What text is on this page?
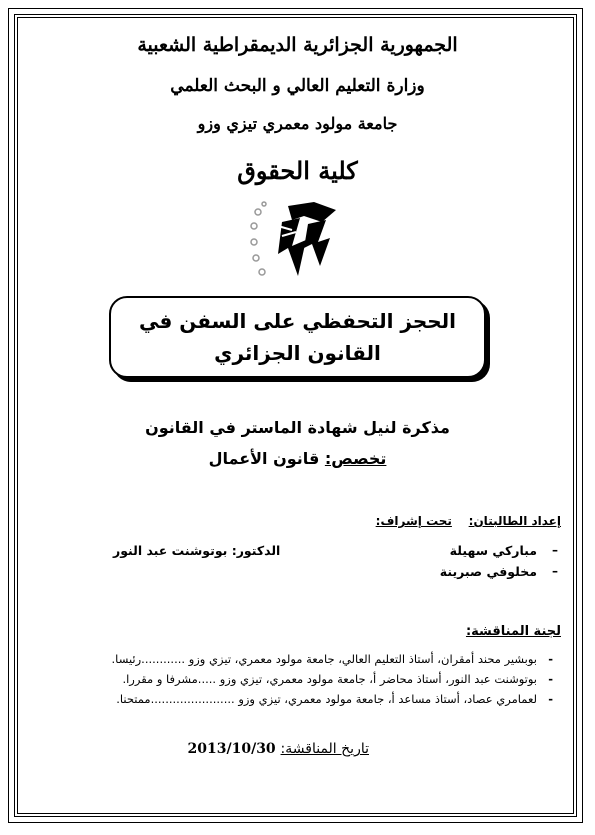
الجمهورية الجزائرية الديمقراطية الشعبية
وزارة التعليم العالي و البحث العلمي
جامعة مولود معمري تيزي وزو
كلية الحقوق
الحجز التحفظي على السفن في
القانون الجزائري
مذكرة لنيل شهادة الماستر في القانون
تخصص: قانون الأعمال
إعداد الطالبتان:    تحت إشراف:
–
–
مباركي سهيلة
مخلوفي صبرينة
الدكتور: بوتوشنت عبد النور
لجنة المناقشة:
-
-
-
بوبشير محند أمقران، أستاذ التعليم العالي، جامعة مولود معمري، تيزي وزو ............رئيسا.
بوتوشنت عبد النور، أستاذ محاضر أ، جامعة مولود معمري، تيزي وزو .....مشرفا و مقررا.
لعمامري عصاد، أستاذ مساعد أ، جامعة مولود معمري، تيزي وزو .......................ممتحنا.
تاريخ المناقشة: 2013/10/30
